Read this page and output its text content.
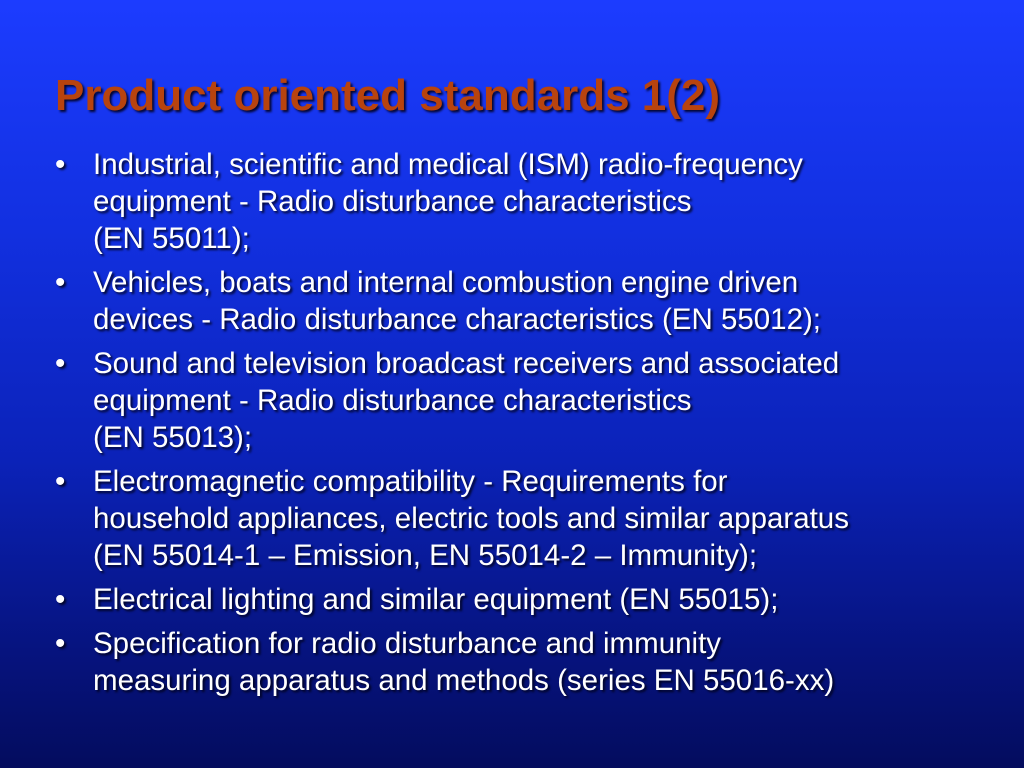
Product oriented standards 1(2)
• Industrial, scientific and medical (ISM) radio-frequency
equipment - Radio disturbance characteristics
(EN 55011);
• Vehicles, boats and internal combustion engine driven
devices - Radio disturbance characteristics (EN 55012);
• Sound and television broadcast receivers and associated
equipment - Radio disturbance characteristics
(EN 55013);
• Electromagnetic compatibility - Requirements for
household appliances, electric tools and similar apparatus
(EN 55014-1 – Emission, EN 55014-2 – Immunity);
• Electrical lighting and similar equipment (EN 55015);
• Specification for radio disturbance and immunity
measuring apparatus and methods (series EN 55016-xx)
